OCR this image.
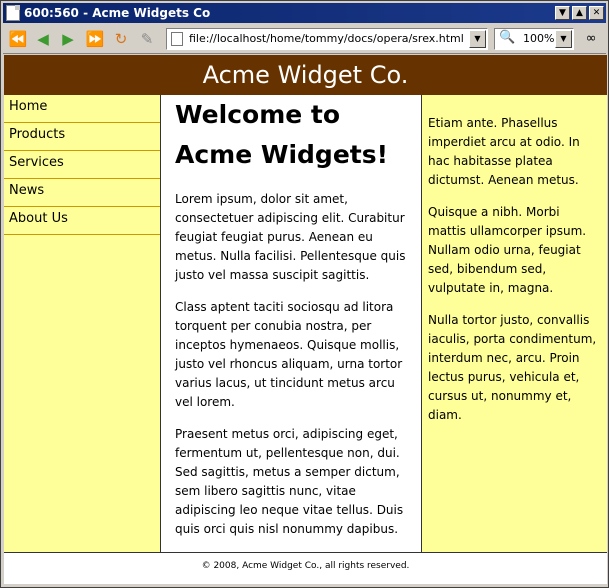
600:560 - Acme Widgets Co	▼	▲	✕
⏪ ◀ ▶ ⏩ ↻ ✎	file://localhost/home/tommy/docs/opera/srex.html	▼	🔍 100% ▼	∞
Acme Widget Co.
Home
Products
Services
News
About Us
Welcome to Acme Widgets!

Lorem ipsum, dolor sit amet, consectetuer adipiscing elit. Curabitur feugiat feugiat purus. Aenean eu metus. Nulla facilisi. Pellentesque quis justo vel massa suscipit sagittis.

Class aptent taciti sociosqu ad litora torquent per conubia nostra, per inceptos hymenaeos. Quisque mollis, justo vel rhoncus aliquam, urna tortor varius lacus, ut tincidunt metus arcu vel lorem.

Praesent metus orci, adipiscing eget, fermentum ut, pellentesque non, dui. Sed sagittis, metus a semper dictum, sem libero sagittis nunc, vitae adipiscing leo neque vitae tellus. Duis quis orci quis nisl nonummy dapibus.

Etiam ante. Phasellus imperdiet arcu at odio. In hac habitasse platea dictumst. Aenean metus.

Quisque a nibh. Morbi mattis ullamcorper ipsum. Nullam odio urna, feugiat sed, bibendum sed, vulputate in, magna.

Nulla tortor justo, convallis iaculis, porta condimentum, interdum nec, arcu. Proin lectus purus, vehicula et, cursus ut, nonummy et, diam.

© 2008, Acme Widget Co., all rights reserved.
